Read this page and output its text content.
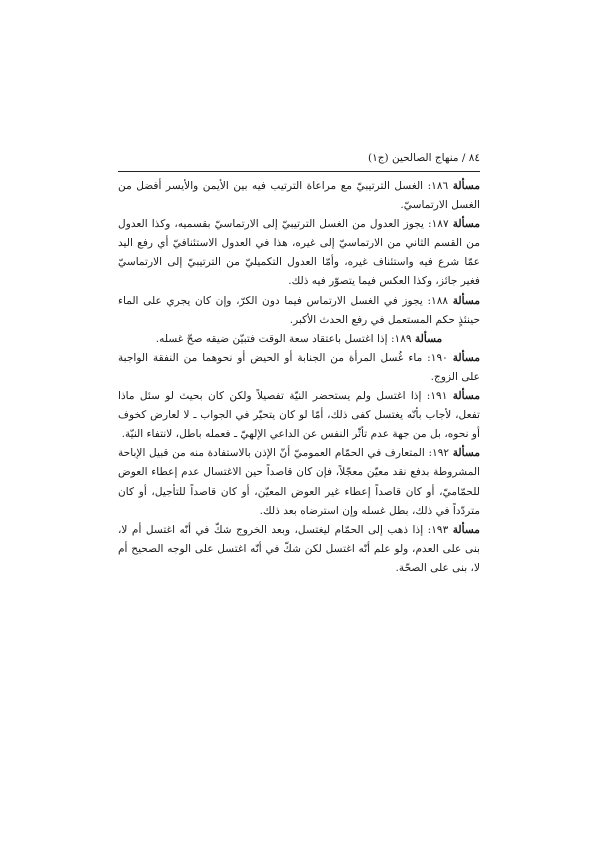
٨٤ / منهاج الصالحين (ج١)

مسألة ١٨٦: الغسل الترتيبيّ مع مراعاة الترتيب فيه بين الأيمن والأيسر أفضل من الغسل الارتماسيّ.

مسألة ١٨٧: يجوز العدول من الغسل الترتيبيّ إلى الارتماسيّ بقسميه، وكذا العدول من القسم الثاني من الارتماسيّ إلى غيره، هذا في العدول الاستئنافيّ أي رفع اليد عمّا شرع فيه واستئناف غيره، وأمّا العدول التكميليّ من الترتيبيّ إلى الارتماسيّ فغير جائز، وكذا العكس فيما يتصوّر فيه ذلك.

مسألة ١٨٨: يجوز في الغسل الارتماس فيما دون الكرّ، وإن كان يجري على الماء حينئذٍ حكم المستعمل في رفع الحدث الأكبر.

مسألة ١٨٩: إذا اغتسل باعتقاد سعة الوقت فتبيّن ضيقه صحّ غسله.

مسألة ١٩٠: ماء غُسل المرأة من الجنابة أو الحيض أو نحوهما من النفقة الواجبة على الزوج.

مسألة ١٩١: إذا اغتسل ولم يستحضر النيّة تفصيلاً ولكن كان بحيث لو سئل ماذا تفعل، لأجاب بأنّه يغتسل كفى ذلك، أمّا لو كان يتحيّر في الجواب ـ لا لعارض كخوف أو نحوه، بل من جهة عدم تأثّر النفس عن الداعي الإلهيّ ـ فعمله باطل، لانتفاء النيّة.

مسألة ١٩٢: المتعارف في الحمّام العموميّ أنّ الإذن بالاستفادة منه من قبيل الإباحة المشروطة بدفع نقد معيّن معجّلاً، فإن كان قاصداً حين الاغتسال عدم إعطاء العوض للحمّاميّ، أو كان قاصداً إعطاء غير العوض المعيّن، أو كان قاصداً للتأجيل، أو كان متردّداً في ذلك، بطل غسله وإن استرضاه بعد ذلك.

مسألة ١٩٣: إذا ذهب إلى الحمّام ليغتسل، وبعد الخروج شكّ في أنّه اغتسل أم لا، بنى على العدم، ولو علم أنّه اغتسل لكن شكّ في أنّه اغتسل على الوجه الصحيح أم لا، بنى على الصحّة.
